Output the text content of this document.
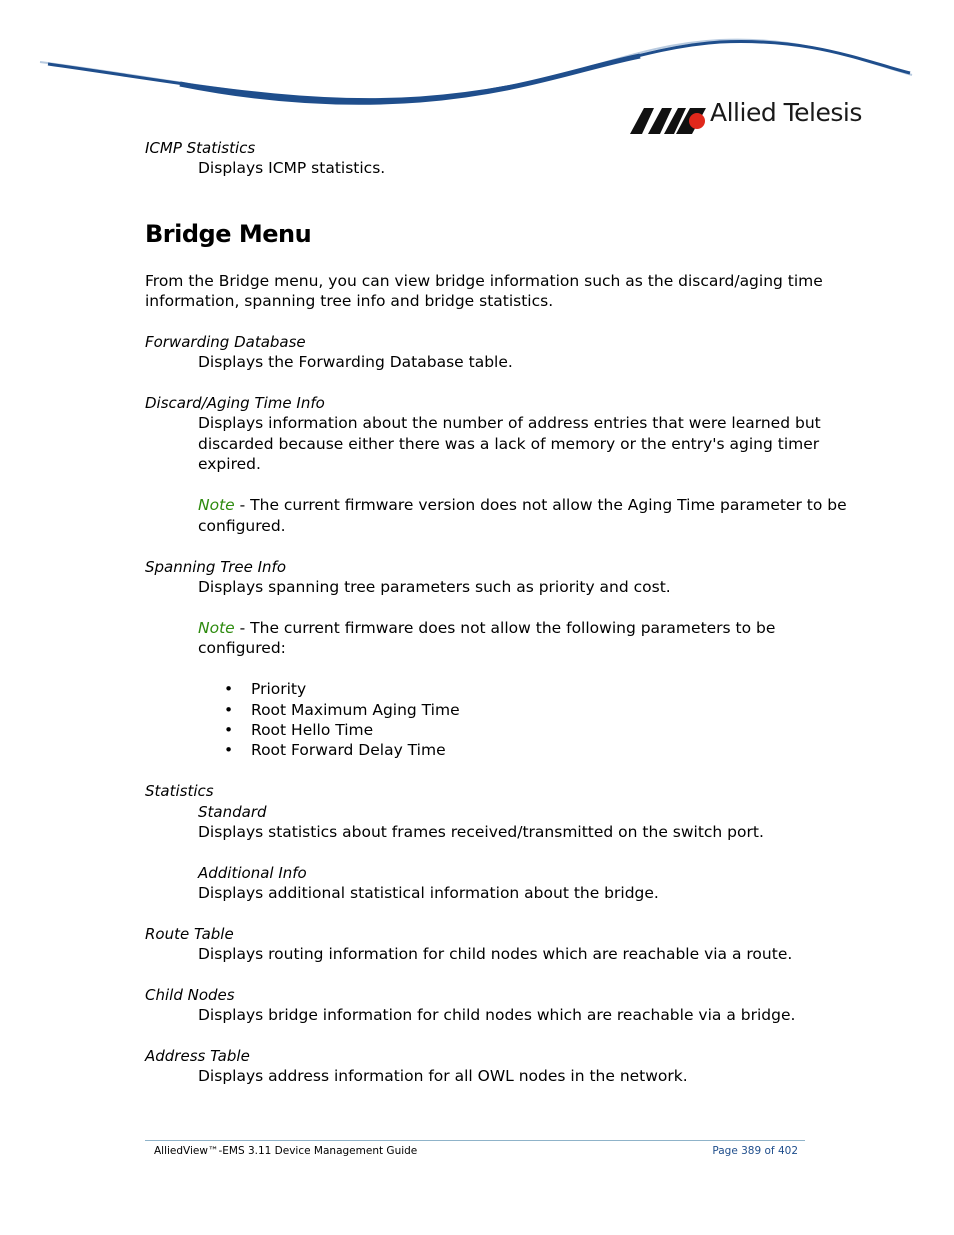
Allied Telesis
ICMP Statistics
Displays ICMP statistics.
Bridge Menu
From the Bridge menu, you can view bridge information such as the discard/aging time
information, spanning tree info and bridge statistics.
Forwarding Database
Displays the Forwarding Database table.
Discard/Aging Time Info
Displays information about the number of address entries that were learned but
discarded because either there was a lack of memory or the entry's aging timer
expired.
Note - The current firmware version does not allow the Aging Time parameter to be
configured.
Spanning Tree Info
Displays spanning tree parameters such as priority and cost.
Note - The current firmware does not allow the following parameters to be
configured:
• Priority
• Root Maximum Aging Time
• Root Hello Time
• Root Forward Delay Time
Statistics
Standard
Displays statistics about frames received/transmitted on the switch port.
Additional Info
Displays additional statistical information about the bridge.
Route Table
Displays routing information for child nodes which are reachable via a route.
Child Nodes
Displays bridge information for child nodes which are reachable via a bridge.
Address Table
Displays address information for all OWL nodes in the network.
AlliedView™-EMS 3.11 Device Management Guide	Page 389 of 402
